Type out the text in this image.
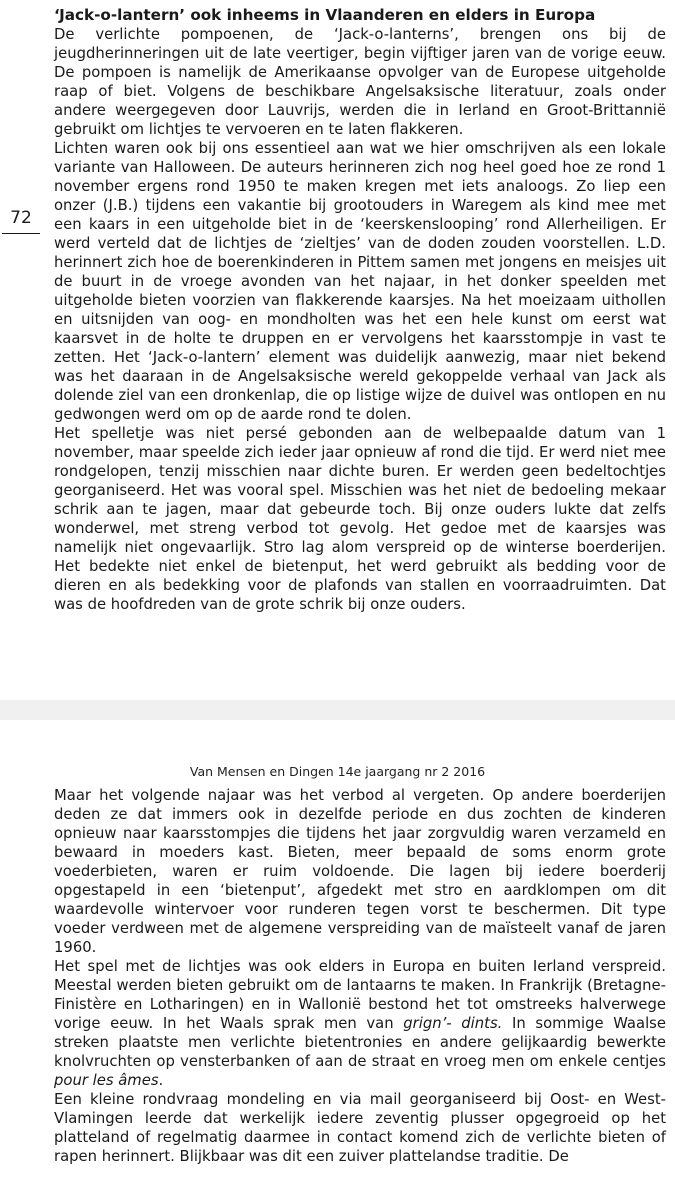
72
‘Jack-o-lantern’ ook inheems in Vlaanderen en elders in Europa

De verlichte pompoenen, de ‘Jack-o-lanterns’, brengen ons bij de jeugdherinneringen uit de late veertiger, begin vijftiger jaren van de vorige eeuw. De pompoen is namelijk de Amerikaanse opvolger van de Europese uitgeholde raap of biet. Volgens de beschikbare Angelsaksische literatuur, zoals onder andere weergegeven door Lauvrijs, werden die in Ierland en Groot-Brittannië gebruikt om lichtjes te vervoeren en te laten flakkeren.

Lichten waren ook bij ons essentieel aan wat we hier omschrijven als een lokale variante van Halloween. De auteurs herinneren zich nog heel goed hoe ze rond 1 november ergens rond 1950 te maken kregen met iets analoogs. Zo liep een onzer (J.B.) tijdens een vakantie bij grootouders in Waregem als kind mee met een kaars in een uitgeholde biet in de ‘keerskenslooping’ rond Allerheiligen. Er werd verteld dat de lichtjes de ‘zieltjes’ van de doden zouden voorstellen. L.D. herinnert zich hoe de boerenkinderen in Pittem samen met jongens en meisjes uit de buurt in de vroege avonden van het najaar, in het donker speelden met uitgeholde bieten voorzien van flakkerende kaarsjes. Na het moeizaam uithollen en uitsnijden van oog- en mondholten was het een hele kunst om eerst wat kaarsvet in de holte te druppen en er vervolgens het kaarsstompje in vast te zetten. Het ‘Jack-o-lantern’ element was duidelijk aanwezig, maar niet bekend was het daaraan in de Angelsaksische wereld gekoppelde verhaal van Jack als dolende ziel van een dronkenlap, die op listige wijze de duivel was ontlopen en nu gedwongen werd om op de aarde rond te dolen.

Het spelletje was niet persé gebonden aan de welbepaalde datum van 1 november, maar speelde zich ieder jaar opnieuw af rond die tijd. Er werd niet mee rondgelopen, tenzij misschien naar dichte buren. Er werden geen bedeltochtjes georganiseerd. Het was vooral spel. Misschien was het niet de bedoeling mekaar schrik aan te jagen, maar dat gebeurde toch. Bij onze ouders lukte dat zelfs wonderwel, met streng verbod tot gevolg. Het gedoe met de kaarsjes was namelijk niet ongevaarlijk. Stro lag alom verspreid op de winterse boerderijen. Het bedekte niet enkel de bietenput, het werd gebruikt als bedding voor de dieren en als bedekking voor de plafonds van stallen en voorraadruimten. Dat was de hoofdreden van de grote schrik bij onze ouders.

Van Mensen en Dingen 14e jaargang nr 2 2016

Maar het volgende najaar was het verbod al vergeten. Op andere boerderijen deden ze dat immers ook in dezelfde periode en dus zochten de kinderen opnieuw naar kaarsstompjes die tijdens het jaar zorgvuldig waren verzameld en bewaard in moeders kast. Bieten, meer bepaald de soms enorm grote voederbieten, waren er ruim voldoende. Die lagen bij iedere boerderij opgestapeld in een ‘bietenput’, afgedekt met stro en aardklompen om dit waardevolle wintervoer voor runderen tegen vorst te beschermen. Dit type voeder verdween met de algemene verspreiding van de maïsteelt vanaf de jaren 1960.

Het spel met de lichtjes was ook elders in Europa en buiten Ierland verspreid. Meestal werden bieten gebruikt om de lantaarns te maken. In Frankrijk (Bretagne-Finistère en Lotharingen) en in Wallonië bestond het tot omstreeks halverwege vorige eeuw. In het Waals sprak men van grign’- dints. In sommige Waalse streken plaatste men verlichte bietentronies en andere gelijkaardig bewerkte knolvruchten op vensterbanken of aan de straat en vroeg men om enkele centjes pour les âmes.

Een kleine rondvraag mondeling en via mail georganiseerd bij Oost- en West-Vlamingen leerde dat werkelijk iedere zeventig plusser opgegroeid op het platteland of regelmatig daarmee in contact komend zich de verlichte bieten of rapen herinnert. Blijkbaar was dit een zuiver plattelandse traditie. De
